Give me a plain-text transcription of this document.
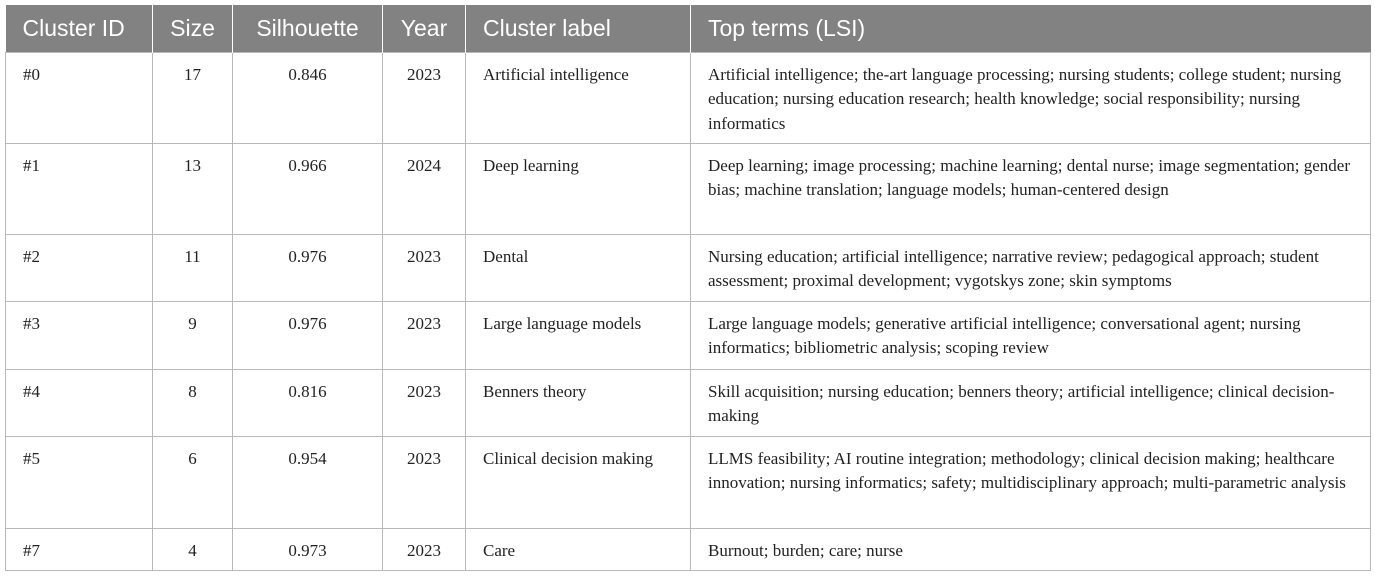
Cluster ID	Size	Silhouette	Year	Cluster label	Top terms (LSI)
#0	17	0.846	2023	Artificial intelligence	Artificial intelligence; the-art language processing; nursing students; college student; nursing education; nursing education research; health knowledge; social responsibility; nursing informatics
#1	13	0.966	2024	Deep learning	Deep learning; image processing; machine learning; dental nurse; image segmentation; gender bias; machine translation; language models; human-centered design
#2	11	0.976	2023	Dental	Nursing education; artificial intelligence; narrative review; pedagogical approach; student assessment; proximal development; vygotskys zone; skin symptoms
#3	9	0.976	2023	Large language models	Large language models; generative artificial intelligence; conversational agent; nursing informatics; bibliometric analysis; scoping review
#4	8	0.816	2023	Benners theory	Skill acquisition; nursing education; benners theory; artificial intelligence; clinical decision-making
#5	6	0.954	2023	Clinical decision making	LLMS feasibility; AI routine integration; methodology; clinical decision making; healthcare innovation; nursing informatics; safety; multidisciplinary approach; multi-parametric analysis
#7	4	0.973	2023	Care	Burnout; burden; care; nurse
